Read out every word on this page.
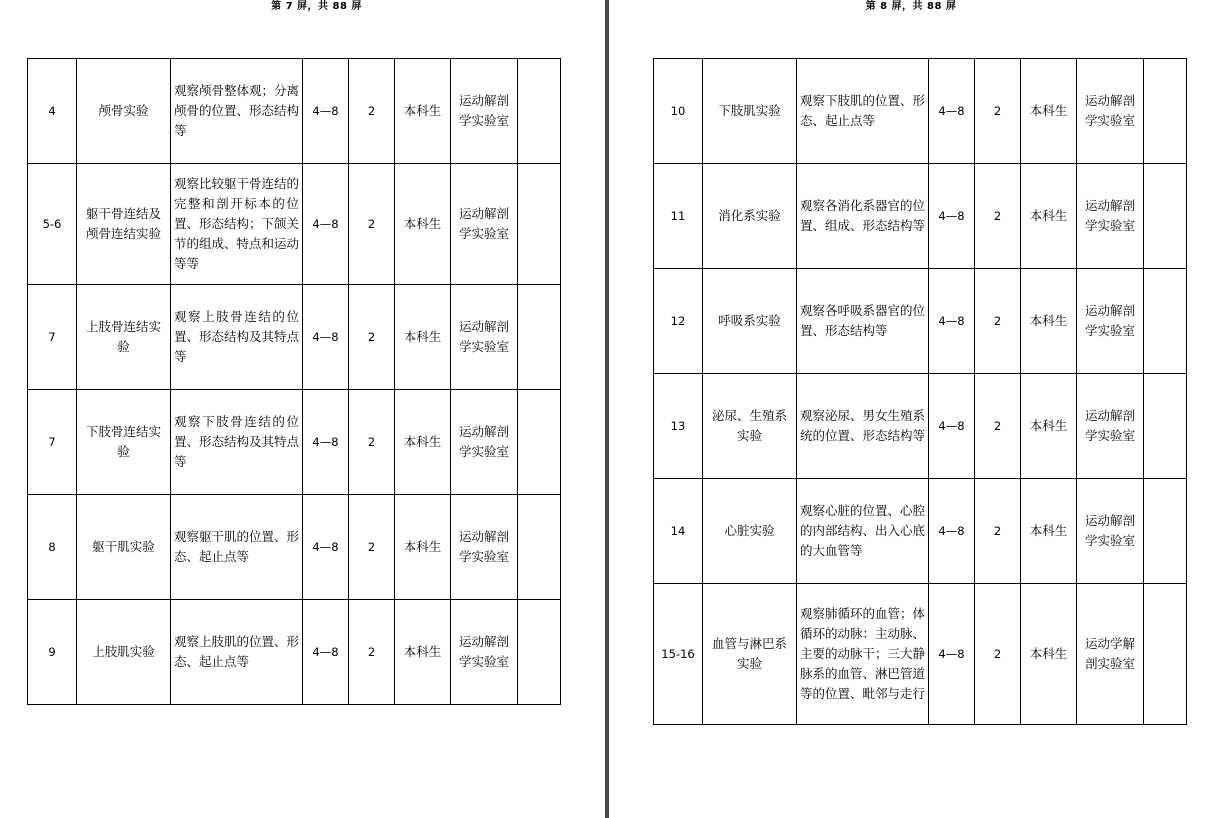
第 7 屏，共 88 屏
4	颅骨实验	观察颅骨整体观；分离颅骨的位置、形态结构等	4—8	2	本科生	运动解剖学实验室	
5-6	躯干骨连结及颅骨连结实验	观察比较躯干骨连结的完整和剖开标本的位置、形态结构；下颌关节的组成、特点和运动等等	4—8	2	本科生	运动解剖学实验室	
7	上肢骨连结实验	观察上肢骨连结的位置、形态结构及其特点等	4—8	2	本科生	运动解剖学实验室	
7	下肢骨连结实验	观察下肢骨连结的位置、形态结构及其特点等	4—8	2	本科生	运动解剖学实验室	
8	躯干肌实验	观察躯干肌的位置、形态、起止点等	4—8	2	本科生	运动解剖学实验室	
9	上肢肌实验	观察上肢肌的位置、形态、起止点等	4—8	2	本科生	运动解剖学实验室	
第 8 屏，共 88 屏
10	下肢肌实验	观察下肢肌的位置、形态、起止点等	4—8	2	本科生	运动解剖学实验室	
11	消化系实验	观察各消化系器官的位置、组成、形态结构等	4—8	2	本科生	运动解剖学实验室	
12	呼吸系实验	观察各呼吸系器官的位置、形态结构等	4—8	2	本科生	运动解剖学实验室	
13	泌尿、生殖系实验	观察泌尿、男女生殖系统的位置、形态结构等	4—8	2	本科生	运动解剖学实验室	
14	心脏实验	观察心脏的位置、心腔的内部结构、出入心底的大血管等	4—8	2	本科生	运动解剖学实验室	
15-16	血管与淋巴系实验	观察肺循环的血管；体循环的动脉：主动脉、主要的动脉干；三大静脉系的血管、淋巴管道等的位置、毗邻与走行	4—8	2	本科生	运动学解剖实验室	
